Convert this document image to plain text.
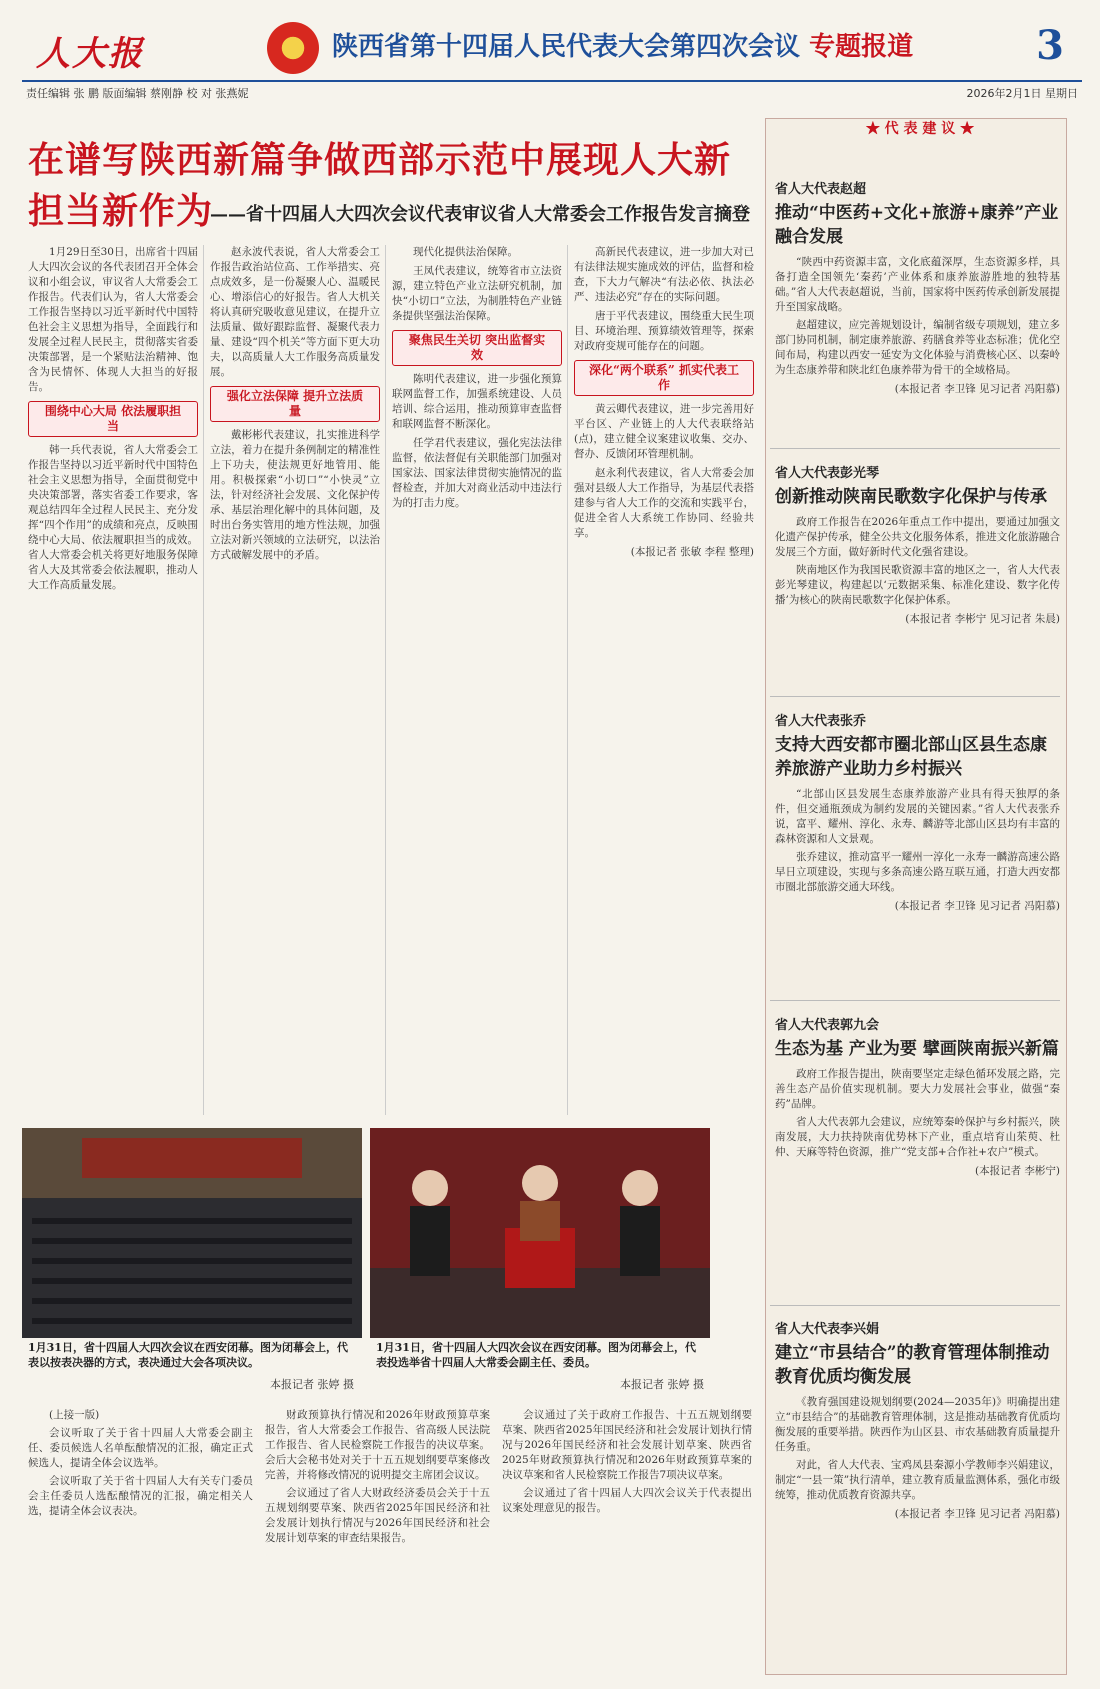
人大报
★	陕西省第十四届人民代表大会第四次会议 专题报道	3
责任编辑 张 鹏 版面编辑 蔡刚静 校 对 张燕妮	2026年2月1日 星期日
在谱写陕西新篇争做西部示范中展现人大新担当新作为
——省十四届人大四次会议代表审议省人大常委会工作报告发言摘登

1月29日至30日，出席省十四届人大四次会议的各代表团召开全体会议和小组会议，审议省人大常委会工作报告。代表们认为，省人大常委会工作报告坚持以习近平新时代中国特色社会主义思想为指导，全面践行和发展全过程人民民主，贯彻落实省委决策部署，是一个紧贴法治精神、饱含为民情怀、体现人大担当的好报告。

围绕中心大局 依法履职担当

韩一兵代表说，省人大常委会工作报告坚持以习近平新时代中国特色社会主义思想为指导，全面贯彻党中央决策部署，落实省委工作要求，客观总结四年全过程人民民主、充分发挥“四个作用”的成绩和亮点，反映围绕中心大局、依法履职担当的成效。省人大常委会机关将更好地服务保障省人大及其常委会依法履职，推动人大工作高质量发展。

赵永波代表说，省人大常委会工作报告政治站位高、工作举措实、亮点成效多，是一份凝聚人心、温暖民心、增添信心的好报告。省人大机关将认真研究吸收意见建议，在提升立法质量、做好跟踪监督、凝聚代表力量、建设“四个机关”等方面下更大功夫，以高质量人大工作服务高质量发展。

强化立法保障 提升立法质量

戴彬彬代表建议，扎实推进科学立法，着力在提升条例制定的精准性上下功夫，使法规更好地管用、能用。积极探索“小切口”“小快灵”立法，针对经济社会发展、文化保护传承、基层治理化解中的具体问题，及时出台务实管用的地方性法规，加强立法对新兴领域的立法研究，以法治方式破解发展中的矛盾。

现代化提供法治保障。

王凤代表建议，统筹省市立法资源，建立特色产业立法研究机制，加快“小切口”立法，为制胜特色产业链条提供坚强法治保障。

聚焦民生关切 突出监督实效

陈明代表建议，进一步强化预算联网监督工作，加强系统建设、人员培训、综合运用，推动预算审查监督和联网监督不断深化。

任学君代表建议，强化宪法法律监督，依法督促有关职能部门加强对国家法、国家法律贯彻实施情况的监督检查，并加大对商业活动中违法行为的打击力度。

高新民代表建议，进一步加大对已有法律法规实施成效的评估，监督和检查，下大力气解决“有法必依、执法必严、违法必究”存在的实际问题。

唐于平代表建议，围绕重大民生项目、环境治理、预算绩效管理等，探索对政府变规可能存在的问题。

深化“两个联系” 抓实代表工作

黄云卿代表建议，进一步完善用好平台区、产业链上的人大代表联络站(点)，建立健全议案建议收集、交办、督办、反馈闭环管理机制。

赵永利代表建议，省人大常委会加强对县级人大工作指导，为基层代表搭建参与省人大工作的交流和实践平台，促进全省人大系统工作协同、经验共享。

(本报记者 张敏 李程 整理)

1月31日，省十四届人大四次会议在西安闭幕。图为闭幕会上，代表以按表决器的方式，表决通过大会各项决议。
1月31日，省十四届人大四次会议在西安闭幕。图为闭幕会上，代表投选举省十四届人大常委会副主任、委员。
本报记者 张婷 摄	本报记者 张婷 摄

(上接一版)

会议听取了关于省十四届人大常委会副主任、委员候选人名单酝酿情况的汇报，确定正式候选人，提请全体会议选举。

会议听取了关于省十四届人大有关专门委员会主任委员人选酝酿情况的汇报，确定相关人选，提请全体会议表决。

财政预算执行情况和2026年财政预算草案报告，省人大常委会工作报告、省高级人民法院工作报告、省人民检察院工作报告的决议草案。会后大会秘书处对关于十五五规划纲要草案修改完善，并将修改情况的说明提交主席团会议议。

会议通过了省人大财政经济委员会关于十五五规划纲要草案、陕西省2025年国民经济和社会发展计划执行情况与2026年国民经济和社会发展计划草案的审查结果报告。

会议通过了关于政府工作报告、十五五规划纲要草案、陕西省2025年国民经济和社会发展计划执行情况与2026年国民经济和社会发展计划草案、陕西省2025年财政预算执行情况和2026年财政预算草案的决议草案和省人民检察院工作报告7项决议草案。

会议通过了省十四届人大四次会议关于代表提出议案处理意见的报告。

★ 代 表 建 议 ★
省人大代表赵超
推动“中医药+文化+旅游+康养”产业融合发展

“陕西中药资源丰富，文化底蕴深厚，生态资源多样，具备打造全国领先‘秦药’产业体系和康养旅游胜地的独特基础。”省人大代表赵超说，当前，国家将中医药传承创新发展提升至国家战略。

赵超建议，应完善规划设计，编制省级专项规划，建立多部门协同机制，制定康养旅游、药膳食养等业态标准；优化空间布局，构建以西安一延安为文化体验与消费核心区、以秦岭为生态康养带和陕北红色康养带为骨干的全域格局。

(本报记者 李卫锋 见习记者 冯阳慕)
省人大代表彭光琴
创新推动陕南民歌数字化保护与传承

政府工作报告在2026年重点工作中提出，要通过加强文化遗产保护传承，健全公共文化服务体系，推进文化旅游融合发展三个方面，做好新时代文化强省建设。

陕南地区作为我国民歌资源丰富的地区之一，省人大代表彭光琴建议，构建起以‘元数据采集、标准化建设、数字化传播’为核心的陕南民歌数字化保护体系。

(本报记者 李彬宁 见习记者 朱晨)
省人大代表张乔
支持大西安都市圈北部山区县生态康养旅游产业助力乡村振兴

“北部山区县发展生态康养旅游产业具有得天独厚的条件，但交通瓶颈成为制约发展的关键因素。”省人大代表张乔说，富平、耀州、淳化、永寿、麟游等北部山区县均有丰富的森林资源和人文景观。

张乔建议，推动富平一耀州一淳化一永寿一麟游高速公路早日立项建设，实现与多条高速公路互联互通，打造大西安都市圈北部旅游交通大环线。

(本报记者 李卫锋 见习记者 冯阳慕)
省人大代表郭九会
生态为基 产业为要 擘画陕南振兴新篇

政府工作报告提出，陕南要坚定走绿色循环发展之路，完善生态产品价值实现机制。要大力发展社会事业，做强“秦药”品牌。

省人大代表郭九会建议，应统筹秦岭保护与乡村振兴，陕南发展，大力扶持陕南优势林下产业，重点培育山茱萸、杜仲、天麻等特色资源，推广“党支部+合作社+农户”模式。

(本报记者 李彬宁)
省人大代表李兴娟
建立“市县结合”的教育管理体制推动教育优质均衡发展

《教育强国建设规划纲要(2024—2035年)》明确提出建立“市县结合”的基础教育管理体制，这是推动基础教育优质均衡发展的重要举措。陕西作为山区县、市农基础教育质量提升任务重。

对此，省人大代表、宝鸡凤县秦源小学教师李兴娟建议，制定“一县一策”执行清单，建立教育质量监测体系，强化市级统筹，推动优质教育资源共享。

(本报记者 李卫锋 见习记者 冯阳慕)
